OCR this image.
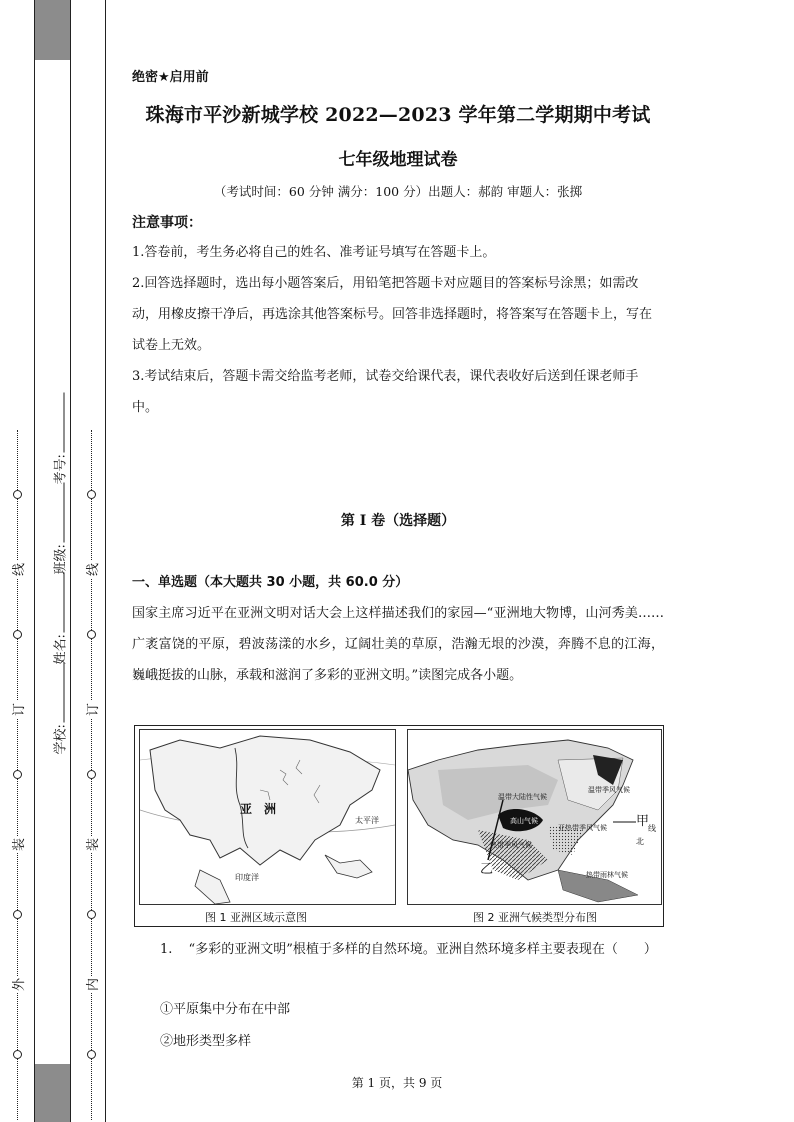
外
装
订
线
内
装
订
线
学校:
姓名:
班级:
考号:
绝密★启用前
珠海市平沙新城学校 2022—2023 学年第二学期期中考试
七年级地理试卷
（考试时间：60 分钟 满分：100 分）出题人：郝韵 审题人：张掷
注意事项：
1.答卷前，考生务必将自己的姓名、准考证号填写在答题卡上。
2.回答选择题时，选出每小题答案后，用铅笔把答题卡对应题目的答案标号涂黑；如需改动，用橡皮擦干净后，再选涂其他答案标号。回答非选择题时，将答案写在答题卡上，写在试卷上无效。
3.考试结束后，答题卡需交给监考老师，试卷交给课代表，课代表收好后送到任课老师手中。
第 I 卷（选择题）
一、单选题（本大题共 30 小题，共 60.0 分）
国家主席习近平在亚洲文明对话大会上这样描述我们的家园—“亚洲地大物博，山河秀美……广袤富饶的平原，碧波荡漾的水乡，辽阔壮美的草原，浩瀚无垠的沙漠，奔腾不息的江海，巍峨挺拔的山脉，承载和滋润了多彩的亚洲文明。”读图完成各小题。
亚　洲
太平洋
印度洋
温带大陆性气候
温带季风气候
高山气候
亚热带季风气候
热带季风气候
热带雨林气候
甲
线
北
乙
图 1 亚洲区域示意图	图 2 亚洲气候类型分布图
1. “多彩的亚洲文明”根植于多样的自然环境。亚洲自然环境多样主要表现在（　　）
①平原集中分布在中部
②地形类型多样
第 1 页，共 9 页
